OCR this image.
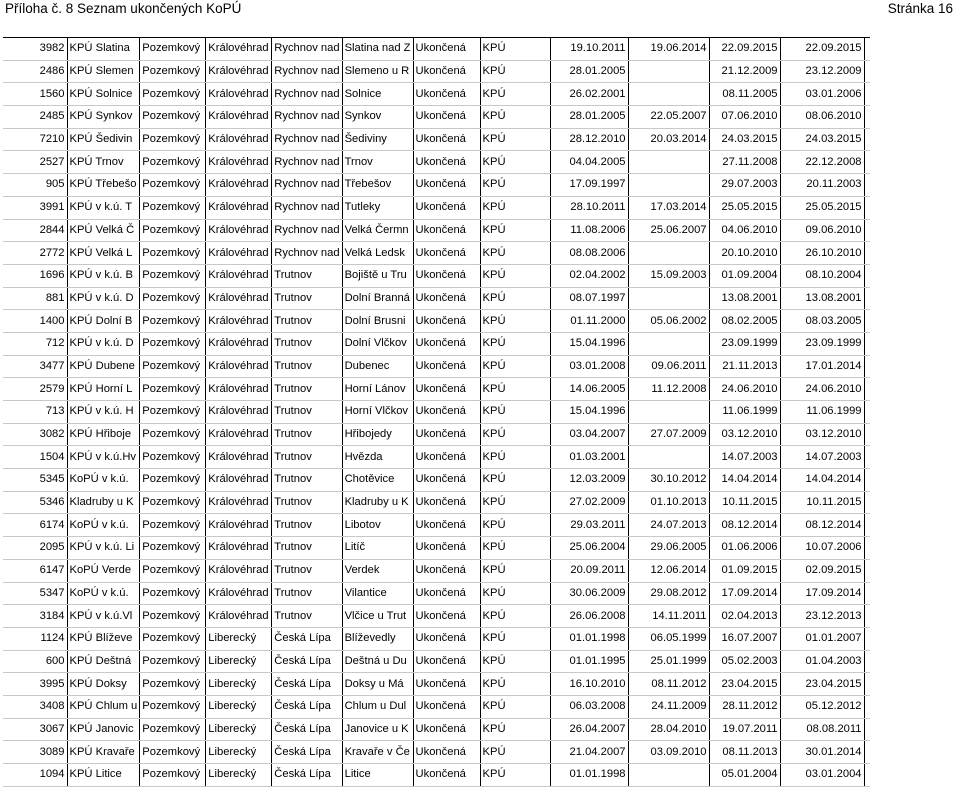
Příloha č. 8 Seznam ukončených KoPÚ	Stránka 16
3982	KPÚ Slatina	Pozemkový	Královéhrad	Rychnov nad	Slatina nad Z	Ukončená	KPÚ	19.10.2011	19.06.2014	22.09.2015	22.09.2015	
2486	KPÚ Slemen	Pozemkový	Královéhrad	Rychnov nad	Slemeno u R	Ukončená	KPÚ	28.01.2005		21.12.2009	23.12.2009	
1560	KPÚ Solnice	Pozemkový	Královéhrad	Rychnov nad	Solnice	Ukončená	KPÚ	26.02.2001		08.11.2005	03.01.2006	
2485	KPÚ Synkov	Pozemkový	Královéhrad	Rychnov nad	Synkov	Ukončená	KPÚ	28.01.2005	22.05.2007	07.06.2010	08.06.2010	
7210	KPÚ Šedivin	Pozemkový	Královéhrad	Rychnov nad	Šediviny	Ukončená	KPÚ	28.12.2010	20.03.2014	24.03.2015	24.03.2015	
2527	KPÚ Trnov	Pozemkový	Královéhrad	Rychnov nad	Trnov	Ukončená	KPÚ	04.04.2005		27.11.2008	22.12.2008	
905	KPÚ Třebešo	Pozemkový	Královéhrad	Rychnov nad	Třebešov	Ukončená	KPÚ	17.09.1997		29.07.2003	20.11.2003	
3991	KPÚ v k.ú. T	Pozemkový	Královéhrad	Rychnov nad	Tutleky	Ukončená	KPÚ	28.10.2011	17.03.2014	25.05.2015	25.05.2015	
2844	KPÚ Velká Č	Pozemkový	Královéhrad	Rychnov nad	Velká Čermn	Ukončená	KPÚ	11.08.2006	25.06.2007	04.06.2010	09.06.2010	
2772	KPÚ Velká L	Pozemkový	Královéhrad	Rychnov nad	Velká Ledsk	Ukončená	KPÚ	08.08.2006		20.10.2010	26.10.2010	
1696	KPÚ v k.ú. B	Pozemkový	Královéhrad	Trutnov	Bojiště u Tru	Ukončená	KPÚ	02.04.2002	15.09.2003	01.09.2004	08.10.2004	
881	KPÚ v k.ú. D	Pozemkový	Královéhrad	Trutnov	Dolní Branná	Ukončená	KPÚ	08.07.1997		13.08.2001	13.08.2001	
1400	KPÚ Dolní B	Pozemkový	Královéhrad	Trutnov	Dolní Brusni	Ukončená	KPÚ	01.11.2000	05.06.2002	08.02.2005	08.03.2005	
712	KPÚ v k.ú. D	Pozemkový	Královéhrad	Trutnov	Dolní Vlčkov	Ukončená	KPÚ	15.04.1996		23.09.1999	23.09.1999	
3477	KPÚ Dubene	Pozemkový	Královéhrad	Trutnov	Dubenec	Ukončená	KPÚ	03.01.2008	09.06.2011	21.11.2013	17.01.2014	
2579	KPÚ Horní L	Pozemkový	Královéhrad	Trutnov	Horní Lánov	Ukončená	KPÚ	14.06.2005	11.12.2008	24.06.2010	24.06.2010	
713	KPÚ v k.ú. H	Pozemkový	Královéhrad	Trutnov	Horní Vlčkov	Ukončená	KPÚ	15.04.1996		11.06.1999	11.06.1999	
3082	KPÚ Hřiboje	Pozemkový	Královéhrad	Trutnov	Hřibojedy	Ukončená	KPÚ	03.04.2007	27.07.2009	03.12.2010	03.12.2010	
1504	KPÚ v k.ú.Hv	Pozemkový	Královéhrad	Trutnov	Hvězda	Ukončená	KPÚ	01.03.2001		14.07.2003	14.07.2003	
5345	KoPÚ v k.ú.	Pozemkový	Královéhrad	Trutnov	Chotěvice	Ukončená	KPÚ	12.03.2009	30.10.2012	14.04.2014	14.04.2014	
5346	Kladruby u K	Pozemkový	Královéhrad	Trutnov	Kladruby u K	Ukončená	KPÚ	27.02.2009	01.10.2013	10.11.2015	10.11.2015	
6174	KoPÚ v k.ú.	Pozemkový	Královéhrad	Trutnov	Libotov	Ukončená	KPÚ	29.03.2011	24.07.2013	08.12.2014	08.12.2014	
2095	KPÚ v k.ú. Li	Pozemkový	Královéhrad	Trutnov	Litíč	Ukončená	KPÚ	25.06.2004	29.06.2005	01.06.2006	10.07.2006	
6147	KoPÚ Verde	Pozemkový	Královéhrad	Trutnov	Verdek	Ukončená	KPÚ	20.09.2011	12.06.2014	01.09.2015	02.09.2015	
5347	KoPÚ v k.ú.	Pozemkový	Královéhrad	Trutnov	Vilantice	Ukončená	KPÚ	30.06.2009	29.08.2012	17.09.2014	17.09.2014	
3184	KPÚ v k.ú.Vl	Pozemkový	Královéhrad	Trutnov	Vlčice u Trut	Ukončená	KPÚ	26.06.2008	14.11.2011	02.04.2013	23.12.2013	
1124	KPÚ Blíževe	Pozemkový	Liberecký	Česká Lípa	Blíževedly	Ukončená	KPÚ	01.01.1998	06.05.1999	16.07.2007	01.01.2007	
600	KPÚ Deštná	Pozemkový	Liberecký	Česká Lípa	Deštná u Du	Ukončená	KPÚ	01.01.1995	25.01.1999	05.02.2003	01.04.2003	
3995	KPÚ Doksy	Pozemkový	Liberecký	Česká Lípa	Doksy u Má	Ukončená	KPÚ	16.10.2010	08.11.2012	23.04.2015	23.04.2015	
3408	KPÚ Chlum u	Pozemkový	Liberecký	Česká Lípa	Chlum u Dul	Ukončená	KPÚ	06.03.2008	24.11.2009	28.11.2012	05.12.2012	
3067	KPÚ Janovic	Pozemkový	Liberecký	Česká Lípa	Janovice u K	Ukončená	KPÚ	26.04.2007	28.04.2010	19.07.2011	08.08.2011	
3089	KPÚ Kravaře	Pozemkový	Liberecký	Česká Lípa	Kravaře v Če	Ukončená	KPÚ	21.04.2007	03.09.2010	08.11.2013	30.01.2014	
1094	KPÚ Litice	Pozemkový	Liberecký	Česká Lípa	Litice	Ukončená	KPÚ	01.01.1998		05.01.2004	03.01.2004	
